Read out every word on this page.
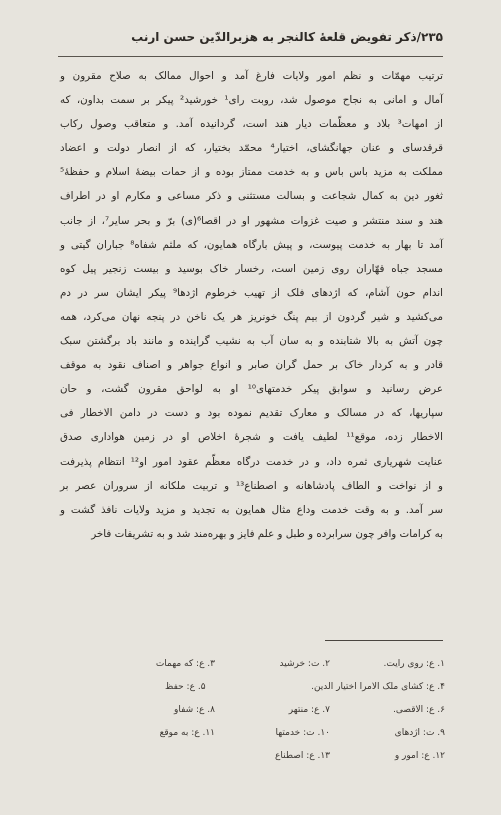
۲۳۵/ذکر تفویض قلعهٔ کالنجر به هزبرالدّین حسن ارنب
ترتیب مهمّات و نظم امور ولایات فارغ آمد و احوال ممالک به صلاح مقرون و
آمال و امانی به نجاح موصول شد، روبت رای¹ خورشید² پیکر بر سمت بداون، که
از امهات³ بلاد و معظّمات دیار هند است، گردانیده آمد. و متعاقب وصول رکاب
قرقدسای و عنان جهانگشای، اختیار⁴ محمّد بختیار، که از انصار دولت و اعضاد
مملکت به مزید باس باس و به خدمت ممتاز بوده و از حمات بیضهٔ اسلام و حفظهٔ⁵
ثغور دین به کمال شجاعت و بسالت مستثنی و ذکر مساعی و مکارم او در اطراف
هند و سند منتشر و صیت غزوات مشهور او در اقصا⁶(ی) برّ و بحر سایر⁷، از جانب
آمد تا بهار به خدمت پیوست، و پیش بارگاه همایون، که ملثم شفاه⁸ جباران گیتی و
مسجد جباه قهّاران روی زمین است، رخسار خاک بوسید و بیست زنجیر پیل کوه
اندام حون آشام، که اژدهای فلک از تهیب خرطوم اژدها⁹ پیکر ایشان سر در دم
می‌کشید و شیر گردون از بیم پنگ خونریز هر یک ناخن در پنجه نهان می‌کرد، همه
چون آتش به بالا شتابنده و به سان آب به نشیب گراینده و مانند باد برگشتن سبک
قادر و به کردار خاک بر حمل گران صابر و انواع جواهر و اصناف نقود به موقف
عرض رسانید و سوابق پیکر خدمتهای¹⁰ او به لواحق مقرون گشت، و حان
سپاریها، که در مسالک و معارک تقدیم نموده بود و دست در دامن الاخطار فی
الاخطار زده، موقع¹¹ لطیف یافت و شجرهٔ اخلاص او در زمین هواداری صدق
عنایت شهریاری ثمره داد، و در خدمت درگاه معظّم عقود امور او¹² انتظام پذیرفت
و از نواخت و الطاف پادشاهانه و اصطناع¹³ و تربیت ملکانه از سروران عصر بر
سر آمد. و به وقت خدمت وداع مثال همایون به تجدید و مزید ولایات نافذ گشت و
به کرامات وافر چون سرابرده و طبل و علم فایز و بهره‌مند شد و به تشریفات فاخر
۱. ع: روی رایت.
۲. ت: خرشید
۳. ع: که مهمات
۴. ع: کشای ملک الامرا اختیار الدین.
۵. ع: حفظ
۶. ع: الاقصی.
۷. ع: منتهر
۸. ع: شفاو
۹. ت: اژدهای
۱۰. ت: خدمتها
۱۱. ع: به موقع
۱۲. ع: امور و
۱۳. ع: اصطناع
